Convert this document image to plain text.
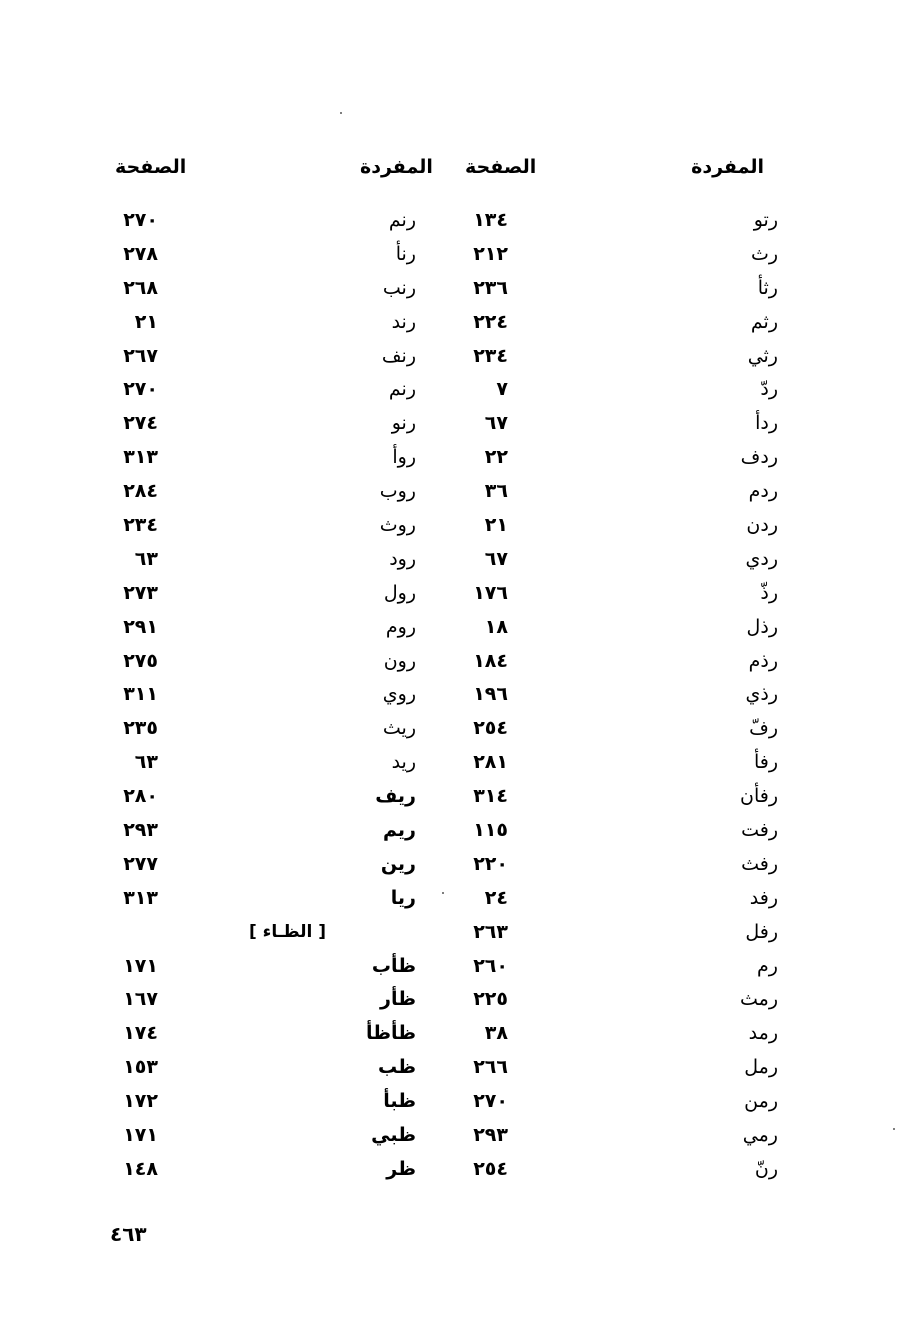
المفردة
الصفحة
المفردة
الصفحة
رتو
١٣٤
رنم
٢٧٠
رث
٢١٢
رنأ
٢٧٨
رثأ
٢٣٦
رنب
٢٦٨
رثم
٢٢٤
رند
٢١
رثي
٢٣٤
رنف
٢٦٧
ردّ
٧
رنم
٢٧٠
ردأ
٦٧
رنو
٢٧٤
ردف
٢٢
روأ
٣١٣
ردم
٣٦
روب
٢٨٤
ردن
٢١
روث
٢٣٤
ردي
٦٧
رود
٦٣
رذّ
١٧٦
رول
٢٧٣
رذل
١٨
روم
٢٩١
رذم
١٨٤
رون
٢٧٥
رذي
١٩٦
روي
٣١١
رفّ
٢٥٤
ريث
٢٣٥
رفأ
٢٨١
ريد
٦٣
رفأن
٣١٤
ريف
٢٨٠
رفت
١١٥
ريم
٢٩٣
رفث
٢٢٠
رين
٢٧٧
رفد
٢٤
ريا
٣١٣
رفل
٢٦٣
[ الظـاء ]
رم
٢٦٠
ظأب
١٧١
رمث
٢٢٥
ظأر
١٦٧
رمد
٣٨
ظأظأ
١٧٤
رمل
٢٦٦
ظب
١٥٣
رمن
٢٧٠
ظبأ
١٧٢
رمي
٢٩٣
ظبي
١٧١
رنّ
٢٥٤
ظر
١٤٨
٤٦٣
